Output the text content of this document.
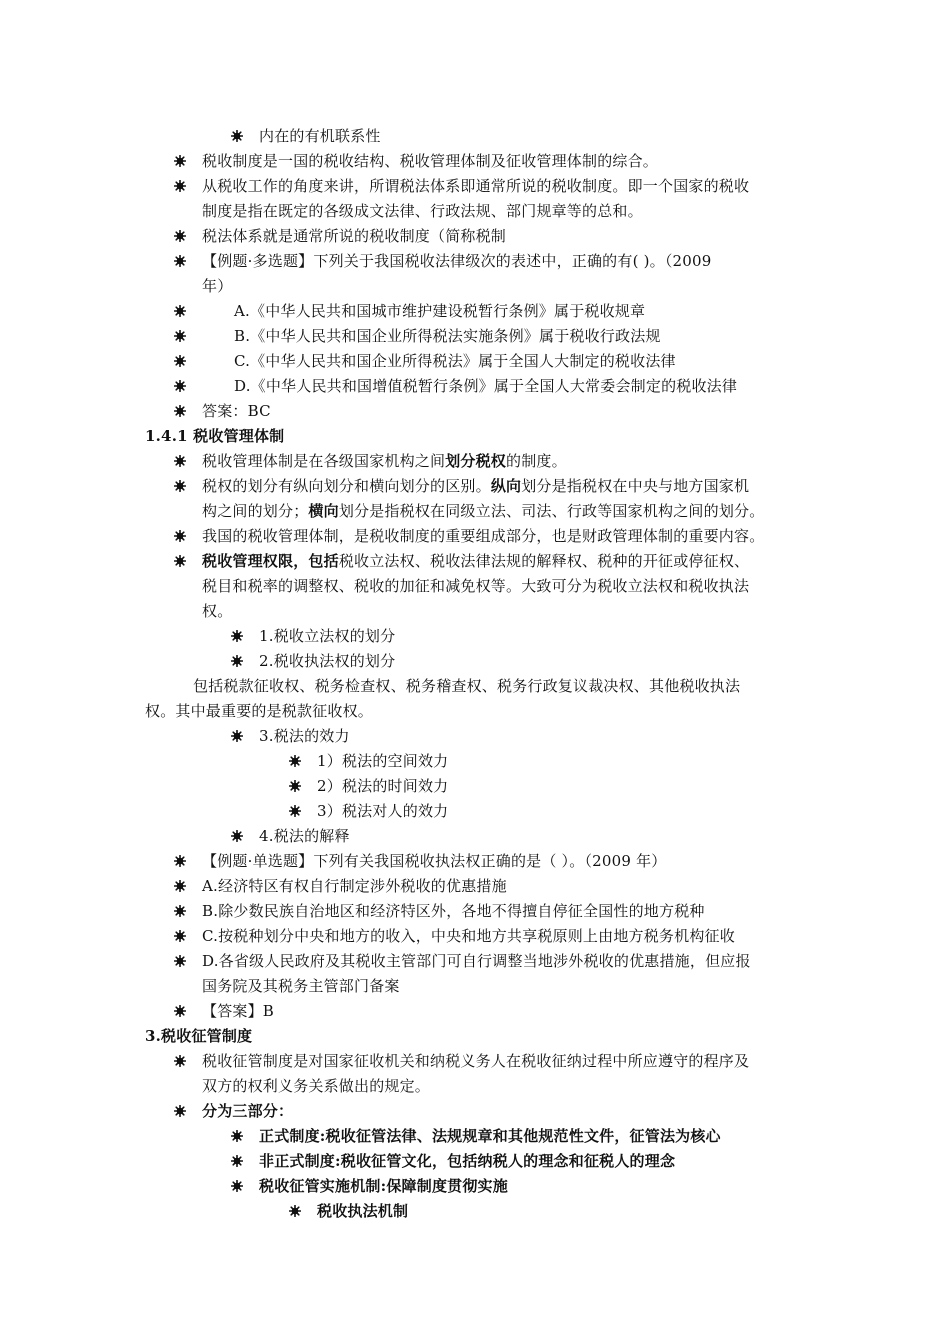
内在的有机联系性
税收制度是一国的税收结构、税收管理体制及征收管理体制的综合。
从税收工作的角度来讲，所谓税法体系即通常所说的税收制度。即一个国家的税收
制度是指在既定的各级成文法律、行政法规、部门规章等的总和。
税法体系就是通常所说的税收制度（简称税制
【例题·多选题】下列关于我国税收法律级次的表述中，正确的有( )。（2009
年）
A.《中华人民共和国城市维护建设税暂行条例》属于税收规章
B.《中华人民共和国企业所得税法实施条例》属于税收行政法规
C.《中华人民共和国企业所得税法》属于全国人大制定的税收法律
D.《中华人民共和国增值税暂行条例》属于全国人大常委会制定的税收法律
答案：BC
1.4.1 税收管理体制
税收管理体制是在各级国家机构之间划分税权的制度。
税权的划分有纵向划分和横向划分的区别。纵向划分是指税权在中央与地方国家机
构之间的划分；横向划分是指税权在同级立法、司法、行政等国家机构之间的划分。
我国的税收管理体制，是税收制度的重要组成部分，也是财政管理体制的重要内容。
税收管理权限，包括税收立法权、税收法律法规的解释权、税种的开征或停征权、
税目和税率的调整权、税收的加征和减免权等。大致可分为税收立法权和税收执法
权。
1.税收立法权的划分
2.税收执法权的划分
包括税款征收权、税务检查权、税务稽查权、税务行政复议裁决权、其他税收执法
权。其中最重要的是税款征收权。
3.税法的效力
1）税法的空间效力
2）税法的时间效力
3）税法对人的效力
4.税法的解释
【例题·单选题】下列有关我国税收执法权正确的是（ ）。（2009 年）
A.经济特区有权自行制定涉外税收的优惠措施
B.除少数民族自治地区和经济特区外，各地不得擅自停征全国性的地方税种
C.按税种划分中央和地方的收入，中央和地方共享税原则上由地方税务机构征收
D.各省级人民政府及其税收主管部门可自行调整当地涉外税收的优惠措施，但应报
国务院及其税务主管部门备案
【答案】B
3.税收征管制度
税收征管制度是对国家征收机关和纳税义务人在税收征纳过程中所应遵守的程序及
双方的权利义务关系做出的规定。
分为三部分：
正式制度:税收征管法律、法规规章和其他规范性文件，征管法为核心
非正式制度:税收征管文化，包括纳税人的理念和征税人的理念
税收征管实施机制:保障制度贯彻实施
税收执法机制
